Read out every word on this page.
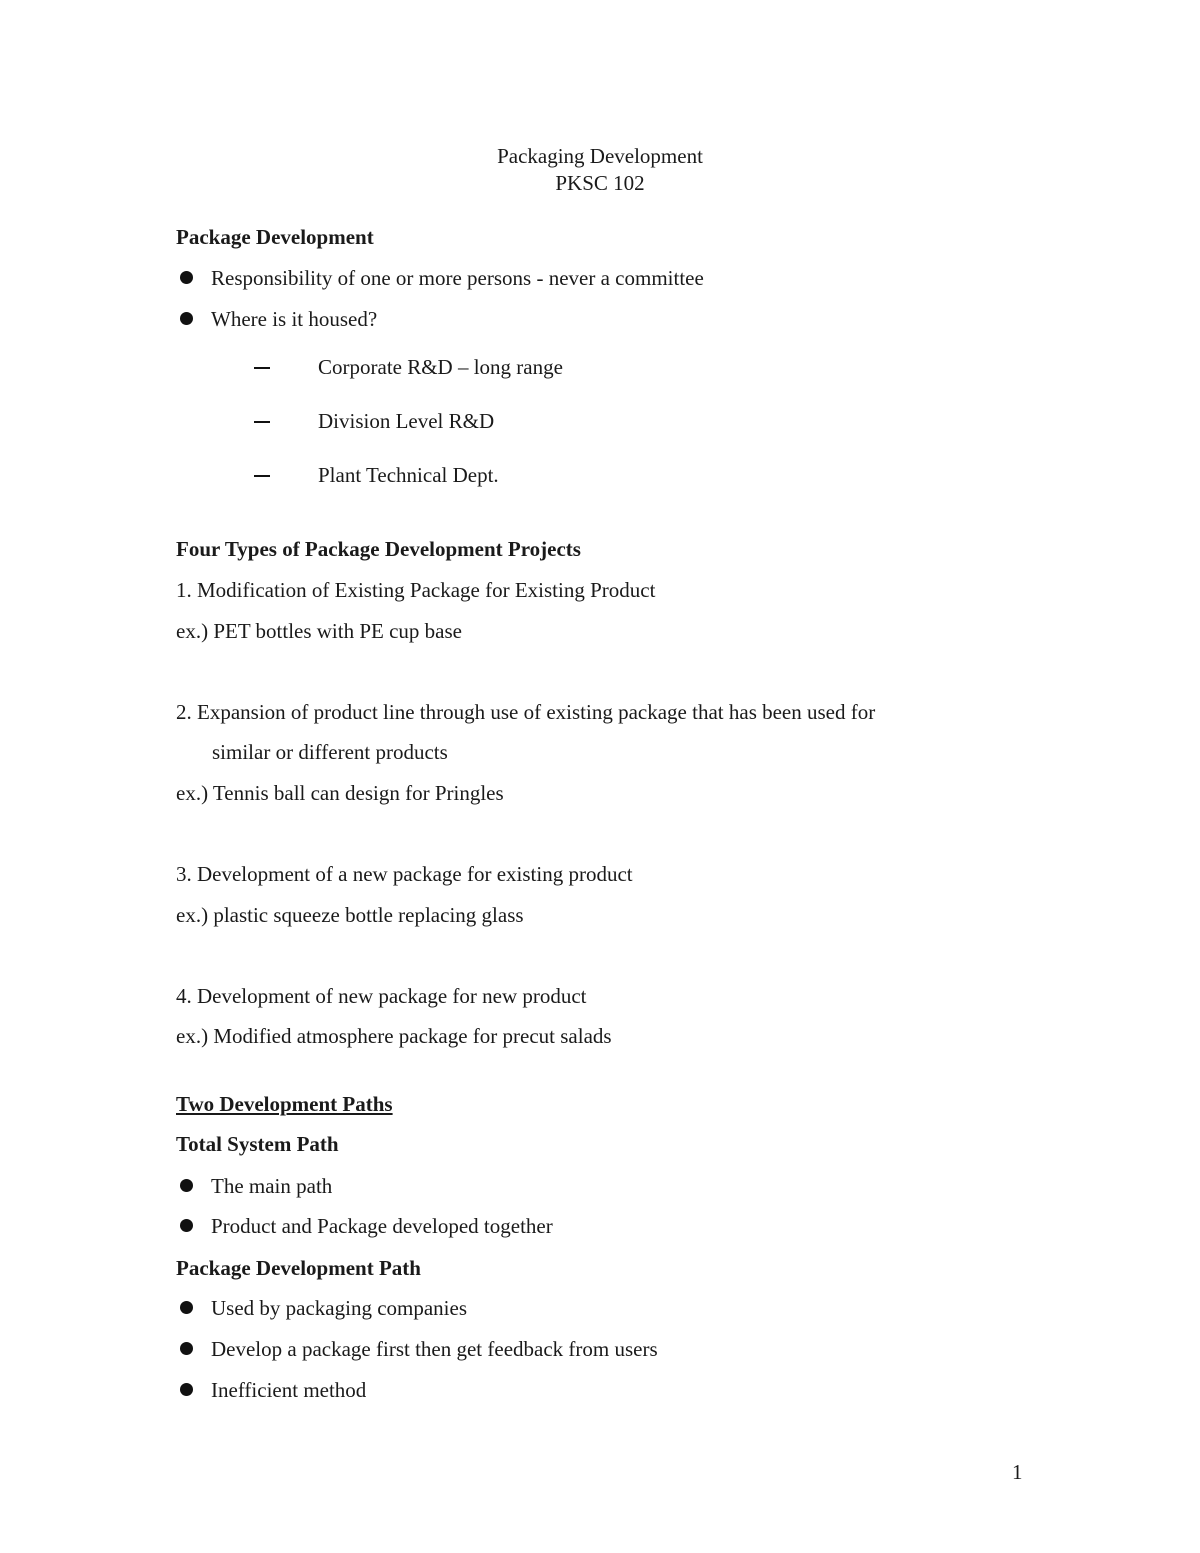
Packaging Development
PKSC 102
Package Development
Responsibility of one or more persons - never a committee
Where is it housed?
Corporate R&D – long range
Division Level R&D
Plant Technical Dept.
Four Types of Package Development Projects
1. Modification of Existing Package for Existing Product
ex.) PET bottles with PE cup base
2. Expansion of product line through use of existing package that has been used for
similar or different products
ex.) Tennis ball can design for Pringles
3. Development of a new package for existing product
ex.) plastic squeeze bottle replacing glass
4. Development of new package for new product
ex.) Modified atmosphere package for precut salads
Two Development Paths
Total System Path
The main path
Product and Package developed together
Package Development Path
Used by packaging companies
Develop a package first then get feedback from users
Inefficient method
1
